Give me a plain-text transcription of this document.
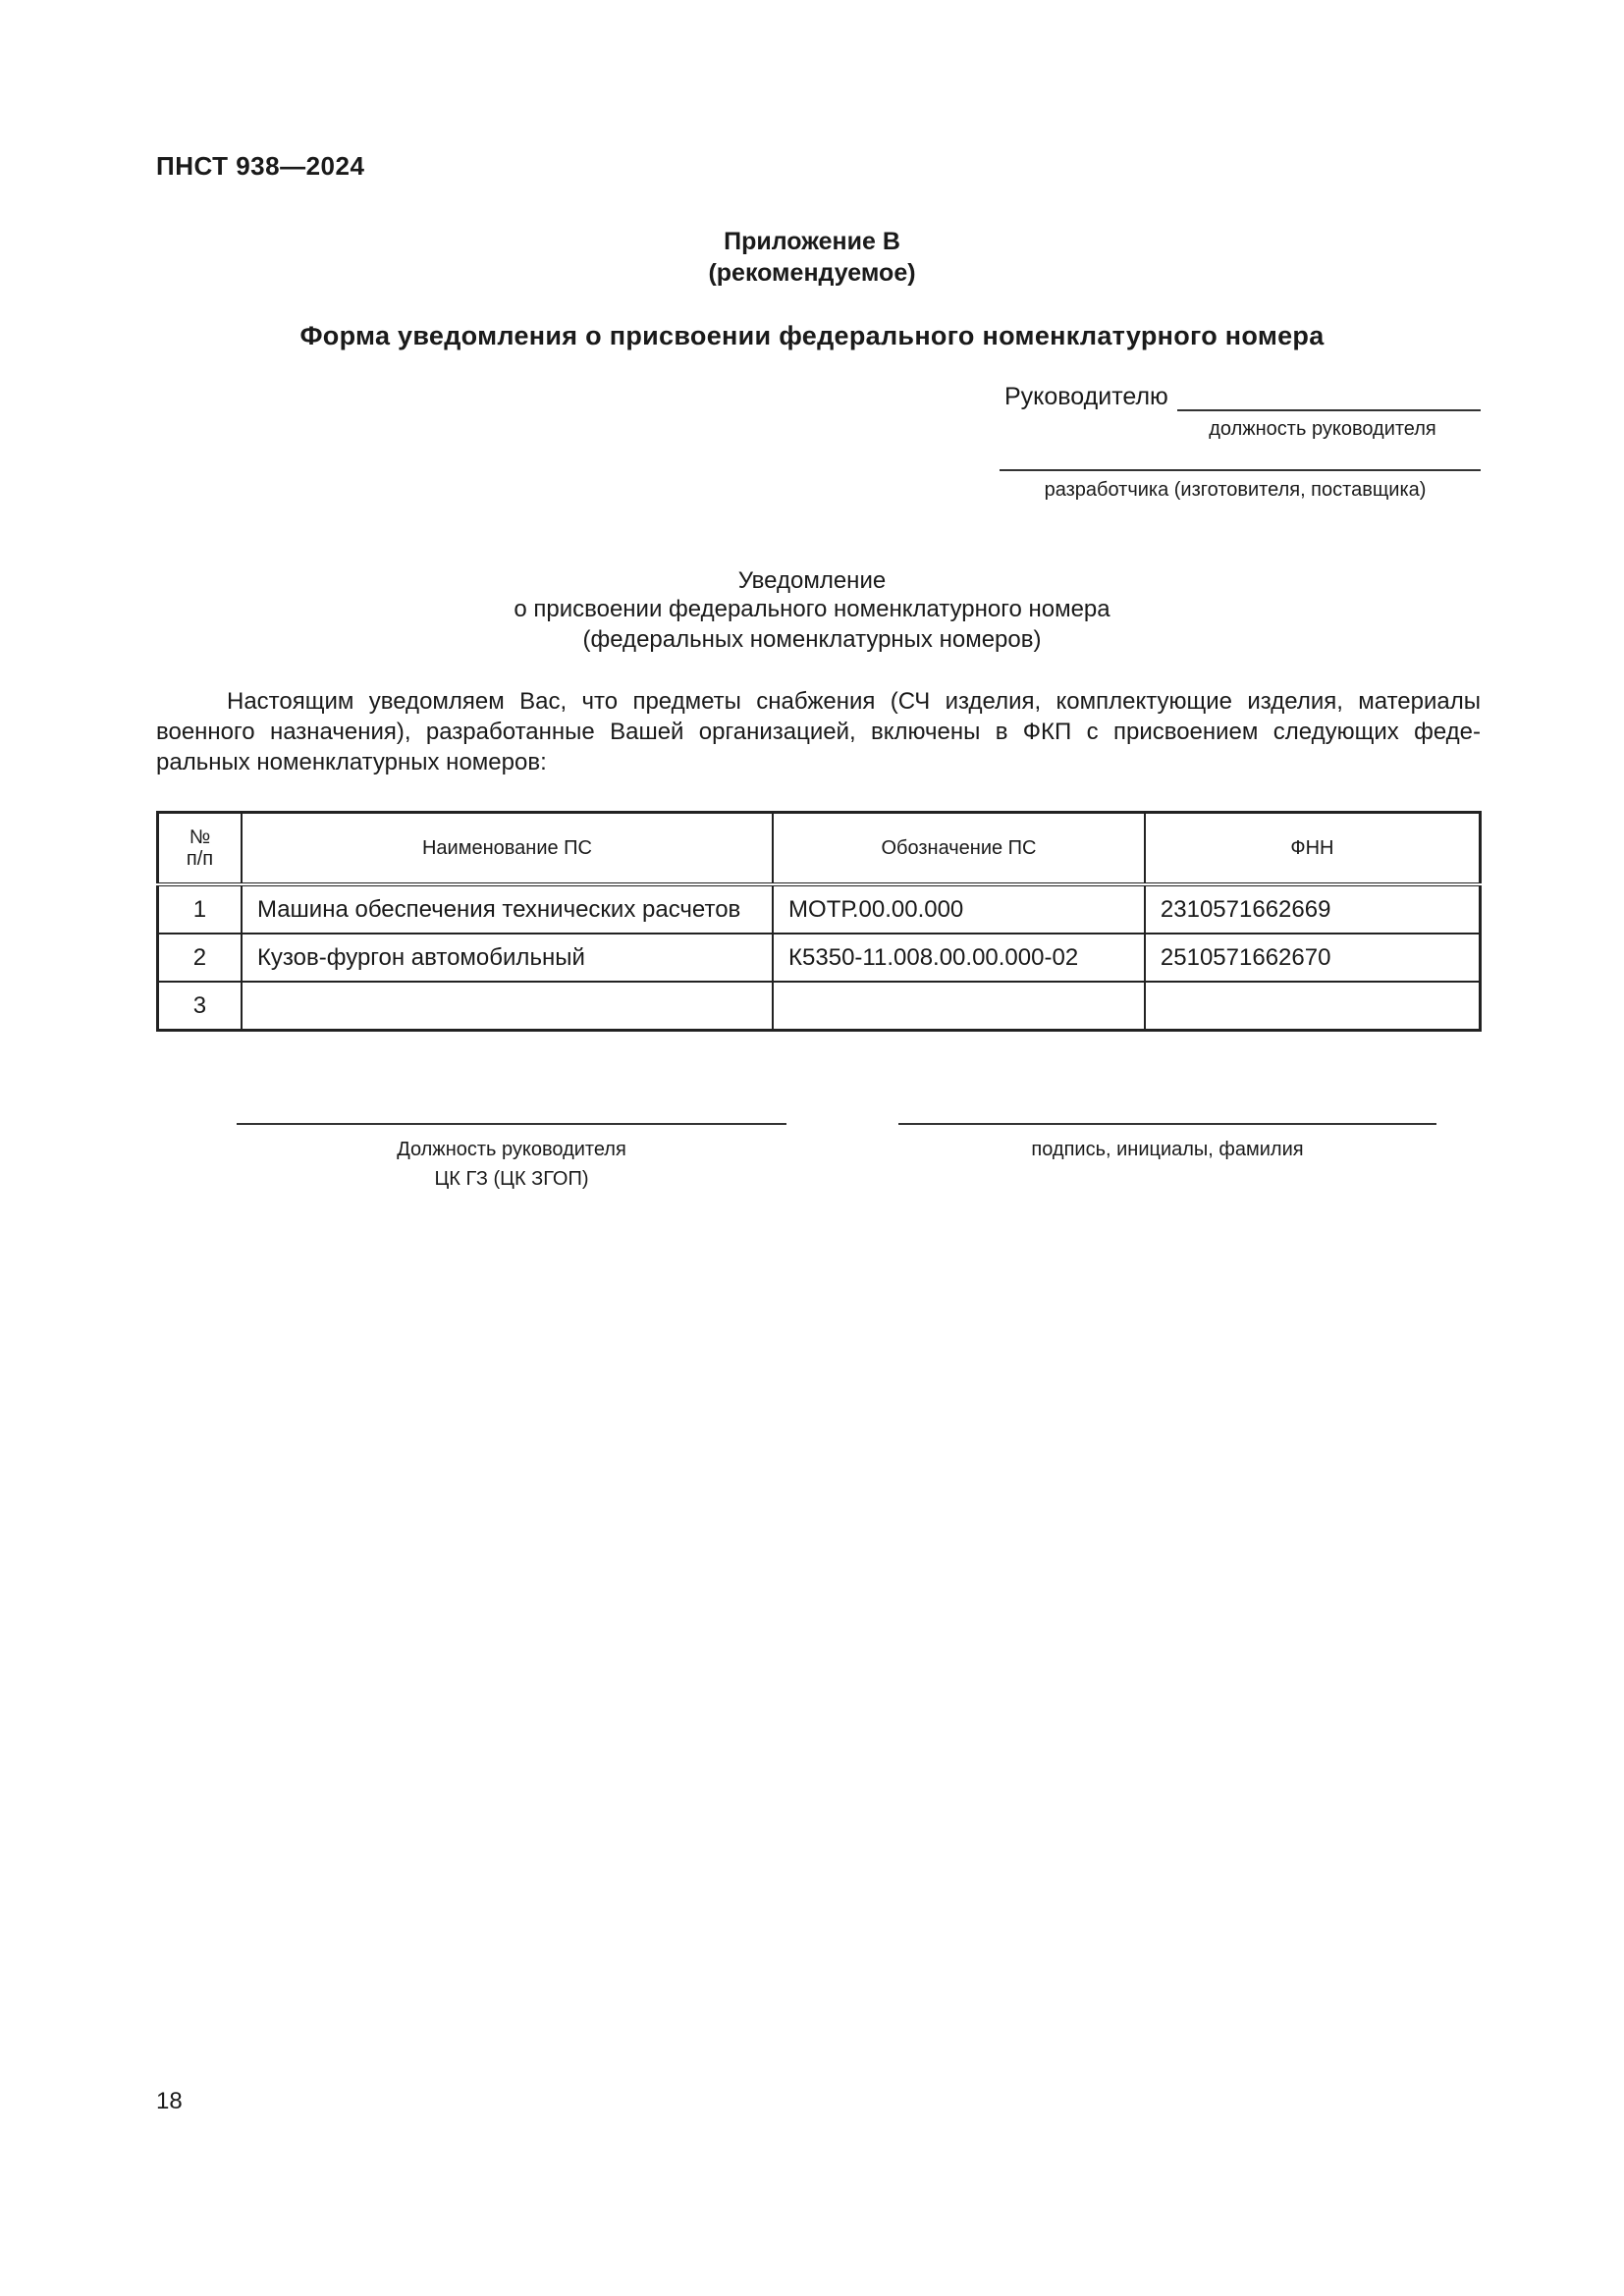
ПНСТ 938—2024
Приложение В
(рекомендуемое)
Форма уведомления о присвоении федерального номенклатурного номера
Руководителю
должность руководителя
разработчика (изготовителя, поставщика)
Уведомление
о присвоении федерального номенклатурного номера
(федеральных номенклатурных номеров)
Настоящим уведомляем Вас, что предметы снабжения (СЧ изделия, комплектующие изделия, материалы
военного назначения), разработанные Вашей организацией, включены в ФКП с присвоением следующих феде-
ральных номенклатурных номеров:
№
п/п	Наименование ПС	Обозначение ПС	ФНН
1	Машина обеспечения технических расчетов	МОТР.00.00.000	2310571662669
2	Кузов-фургон автомобильный	К5350-11.008.00.00.000-02	2510571662670
3			
Должность руководителя
ЦК ГЗ (ЦК ЗГОП)
подпись, инициалы, фамилия
18
